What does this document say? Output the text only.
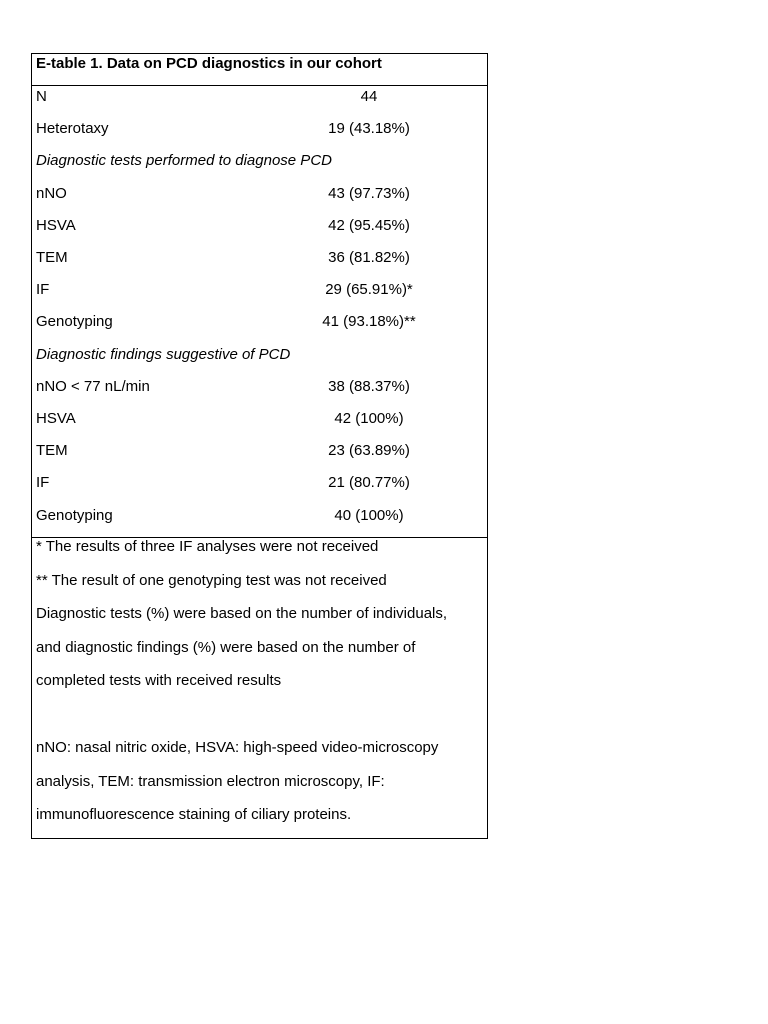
E-table 1. Data on PCD diagnostics in our cohort
N	44
Heterotaxy	19 (43.18%)
Diagnostic tests performed to diagnose PCD
nNO	43 (97.73%)
HSVA	42 (95.45%)
TEM	36 (81.82%)
IF	29 (65.91%)*
Genotyping	41 (93.18%)**
Diagnostic findings suggestive of PCD
nNO < 77 nL/min	38 (88.37%)
HSVA	42 (100%)
TEM	23 (63.89%)
IF	21 (80.77%)
Genotyping	40 (100%)
* The results of three IF analyses were not received
** The result of one genotyping test was not received
Diagnostic tests (%) were based on the number of individuals,
and diagnostic findings (%) were based on the number of
completed tests with received results
nNO: nasal nitric oxide, HSVA: high-speed video-microscopy
analysis, TEM: transmission electron microscopy, IF:
immunofluorescence staining of ciliary proteins.
